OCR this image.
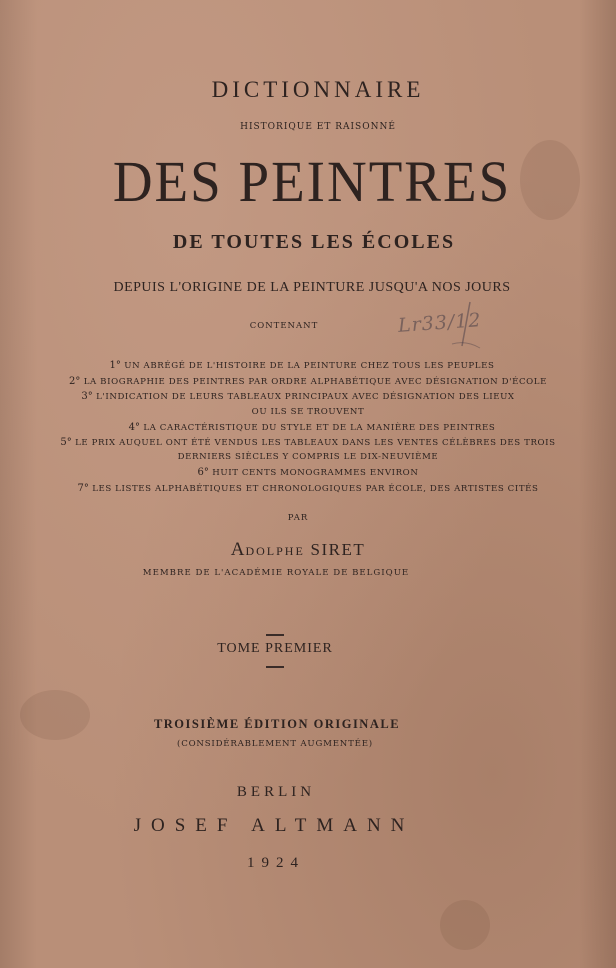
DICTIONNAIRE
HISTORIQUE ET RAISONNÉ
DES PEINTRES
DE TOUTES LES ÉCOLES
DEPUIS L'ORIGINE DE LA PEINTURE JUSQU'A NOS JOURS
CONTENANT	Lr33/12
1° UN ABRÉGÉ DE L'HISTOIRE DE LA PEINTURE CHEZ TOUS LES PEUPLES
2° LA BIOGRAPHIE DES PEINTRES PAR ORDRE ALPHABÉTIQUE AVEC DÉSIGNATION D'ÉCOLE
3° L'INDICATION DE LEURS TABLEAUX PRINCIPAUX AVEC DÉSIGNATION DES LIEUX
OU ILS SE TROUVENT
4° LA CARACTÉRISTIQUE DU STYLE ET DE LA MANIÈRE DES PEINTRES
5° LE PRIX AUQUEL ONT ÉTÉ VENDUS LES TABLEAUX DANS LES VENTES CÉLÈBRES DES TROIS
DERNIERS SIÈCLES Y COMPRIS LE DIX-NEUVIÈME
6° HUIT CENTS MONOGRAMMES ENVIRON
7° LES LISTES ALPHABÉTIQUES ET CHRONOLOGIQUES PAR ÉCOLE, DES ARTISTES CITÉS
PAR
ADOLPHE SIRET
MEMBRE DE L'ACADÉMIE ROYALE DE BELGIQUE
TOME PREMIER
TROISIÈME ÉDITION ORIGINALE
(CONSIDÉRABLEMENT AUGMENTÉE)
BERLIN
JOSEF ALTMANN
1924
